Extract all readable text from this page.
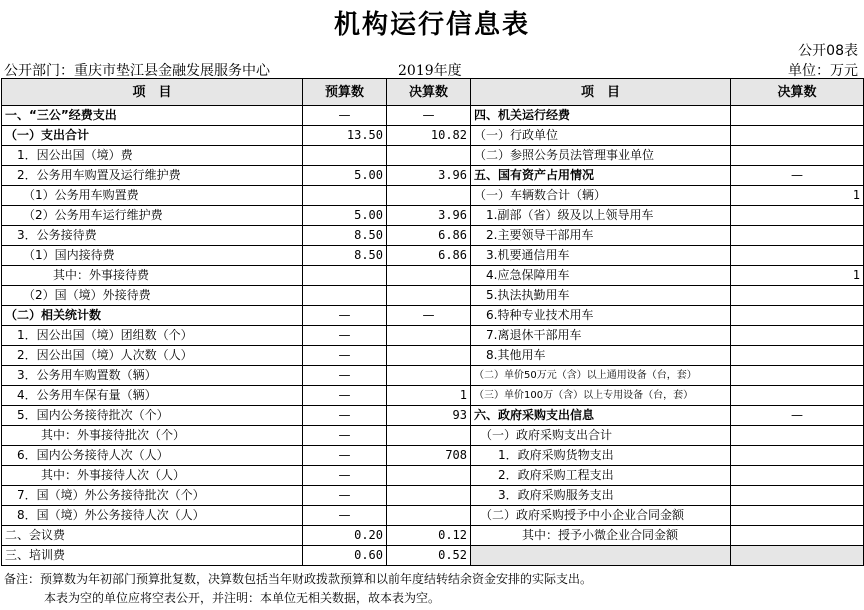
机构运行信息表
公开08表
公开部门：重庆市垫江县金融发展服务中心	2019年度	单位：万元
项　目	预算数	决算数	项　目	决算数
一、“三公”经费支出	—	—	四、机关运行经费	
（一）支出合计	13.50	10.82	（一）行政单位	
　1．因公出国（境）费			（二）参照公务员法管理事业单位	
　2．公务用车购置及运行维护费	5.00	3.96	五、国有资产占用情况	—
　　（1）公务用车购置费			（一）车辆数合计（辆）	1
　　（2）公务用车运行维护费	5.00	3.96	　1.副部（省）级及以上领导用车	
　3．公务接待费	8.50	6.86	　2.主要领导干部用车	
　　（1）国内接待费	8.50	6.86	　3.机要通信用车	
　　　　其中：外事接待费			　4.应急保障用车	1
　　（2）国（境）外接待费			　5.执法执勤用车	
（二）相关统计数	—	—	　6.特种专业技术用车	
　1．因公出国（境）团组数（个）	—		　7.离退休干部用车	
　2．因公出国（境）人次数（人）	—		　8.其他用车	
　3．公务用车购置数（辆）	—		（二）单价50万元（含）以上通用设备（台，套）	
　4．公务用车保有量（辆）	—	1	（三）单价100万（含）以上专用设备（台，套）	
　5．国内公务接待批次（个）	—	93	六、政府采购支出信息	—
　　　其中：外事接待批次（个）	—		　（一）政府采购支出合计	
　6．国内公务接待人次（人）	—	708	　　1．政府采购货物支出	
　　　其中：外事接待人次（人）	—		　　2．政府采购工程支出	
　7．国（境）外公务接待批次（个）	—		　　3．政府采购服务支出	
　8．国（境）外公务接待人次（人）	—		　（二）政府采购授予中小企业合同金额	
二、会议费	0.20	0.12	　　　　其中：授予小微企业合同金额	
三、培训费	0.60	0.52		
备注：预算数为年初部门预算批复数，决算数包括当年财政拨款预算和以前年度结转结余资金安排的实际支出。
本表为空的单位应将空表公开，并注明：本单位无相关数据，故本表为空。
